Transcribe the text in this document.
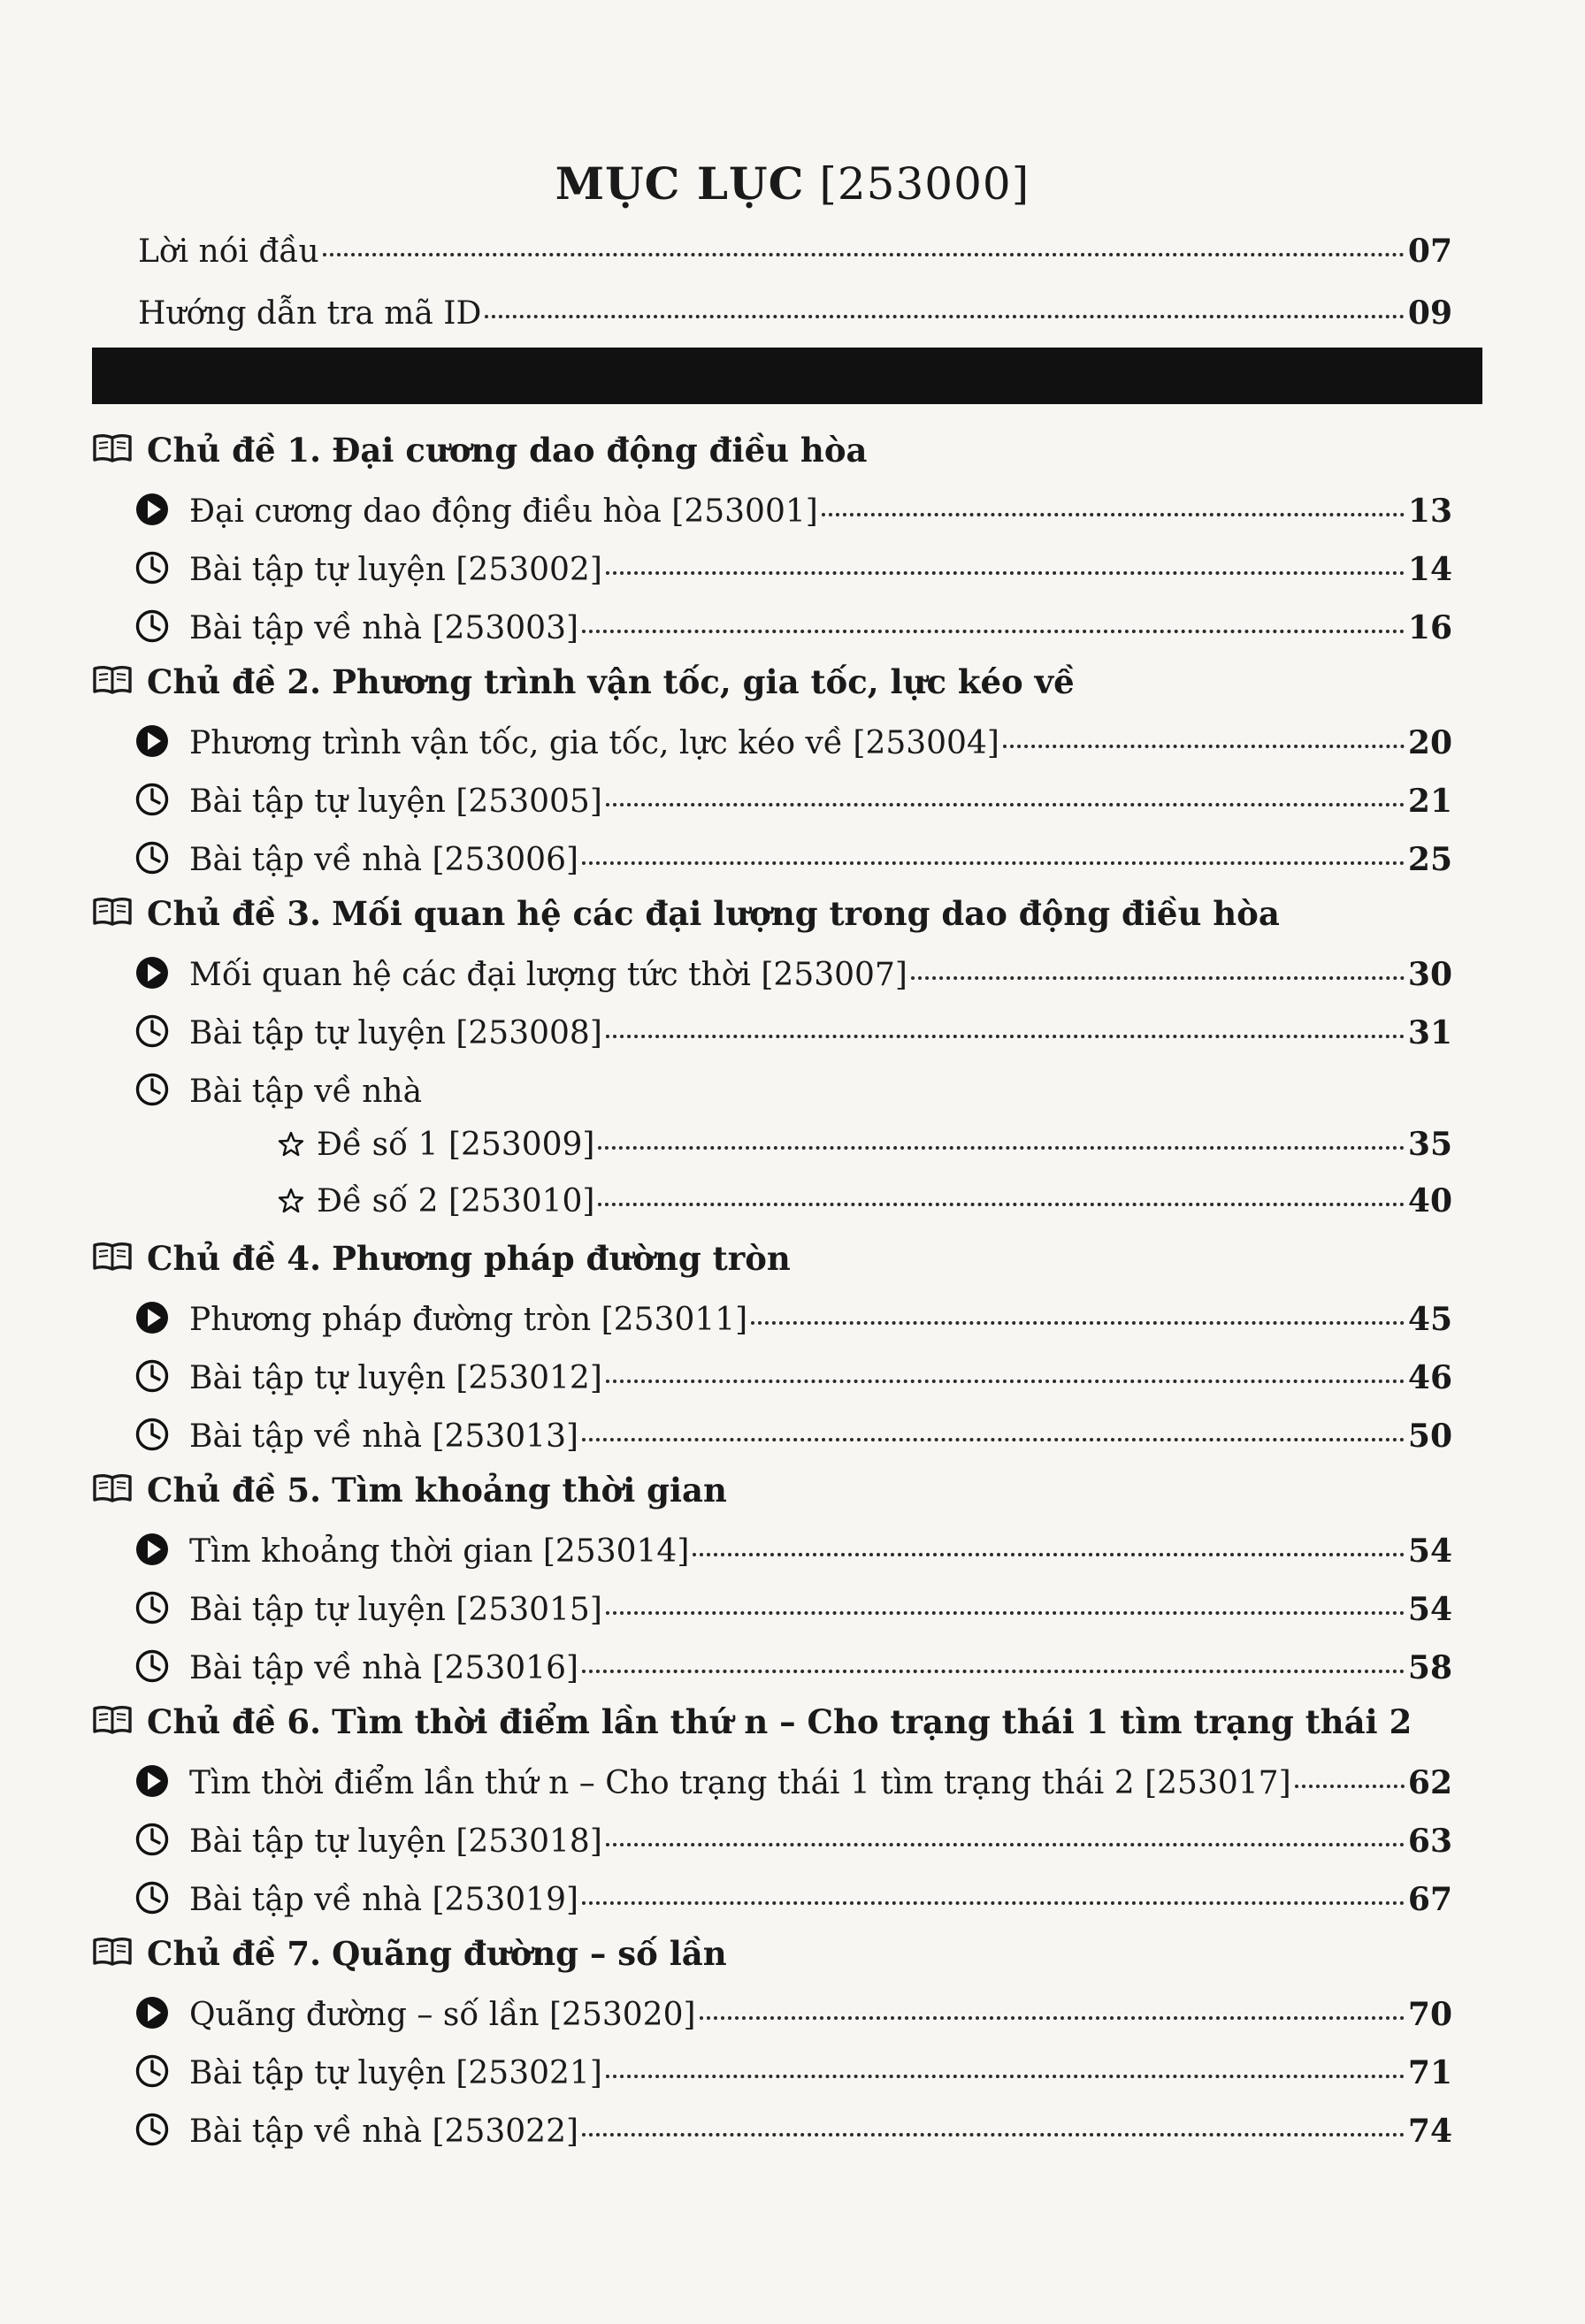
MỤC LỤC [253000]
Lời nói đầu	07
Hướng dẫn tra mã ID	09
Chủ đề 1. Đại cương dao động điều hòa
Đại cương dao động điều hòa [253001]	13
Bài tập tự luyện [253002]	14
Bài tập về nhà [253003]	16
Chủ đề 2. Phương trình vận tốc, gia tốc, lực kéo về
Phương trình vận tốc, gia tốc, lực kéo về [253004]	20
Bài tập tự luyện [253005]	21
Bài tập về nhà [253006]	25
Chủ đề 3. Mối quan hệ các đại lượng trong dao động điều hòa
Mối quan hệ các đại lượng tức thời [253007]	30
Bài tập tự luyện [253008]	31
Bài tập về nhà
Đề số 1 [253009]	35
Đề số 2 [253010]	40
Chủ đề 4. Phương pháp đường tròn
Phương pháp đường tròn [253011]	45
Bài tập tự luyện [253012]	46
Bài tập về nhà [253013]	50
Chủ đề 5. Tìm khoảng thời gian
Tìm khoảng thời gian [253014]	54
Bài tập tự luyện [253015]	54
Bài tập về nhà [253016]	58
Chủ đề 6. Tìm thời điểm lần thứ n – Cho trạng thái 1 tìm trạng thái 2
Tìm thời điểm lần thứ n – Cho trạng thái 1 tìm trạng thái 2 [253017]	62
Bài tập tự luyện [253018]	63
Bài tập về nhà [253019]	67
Chủ đề 7. Quãng đường – số lần
Quãng đường – số lần [253020]	70
Bài tập tự luyện [253021]	71
Bài tập về nhà [253022]	74
